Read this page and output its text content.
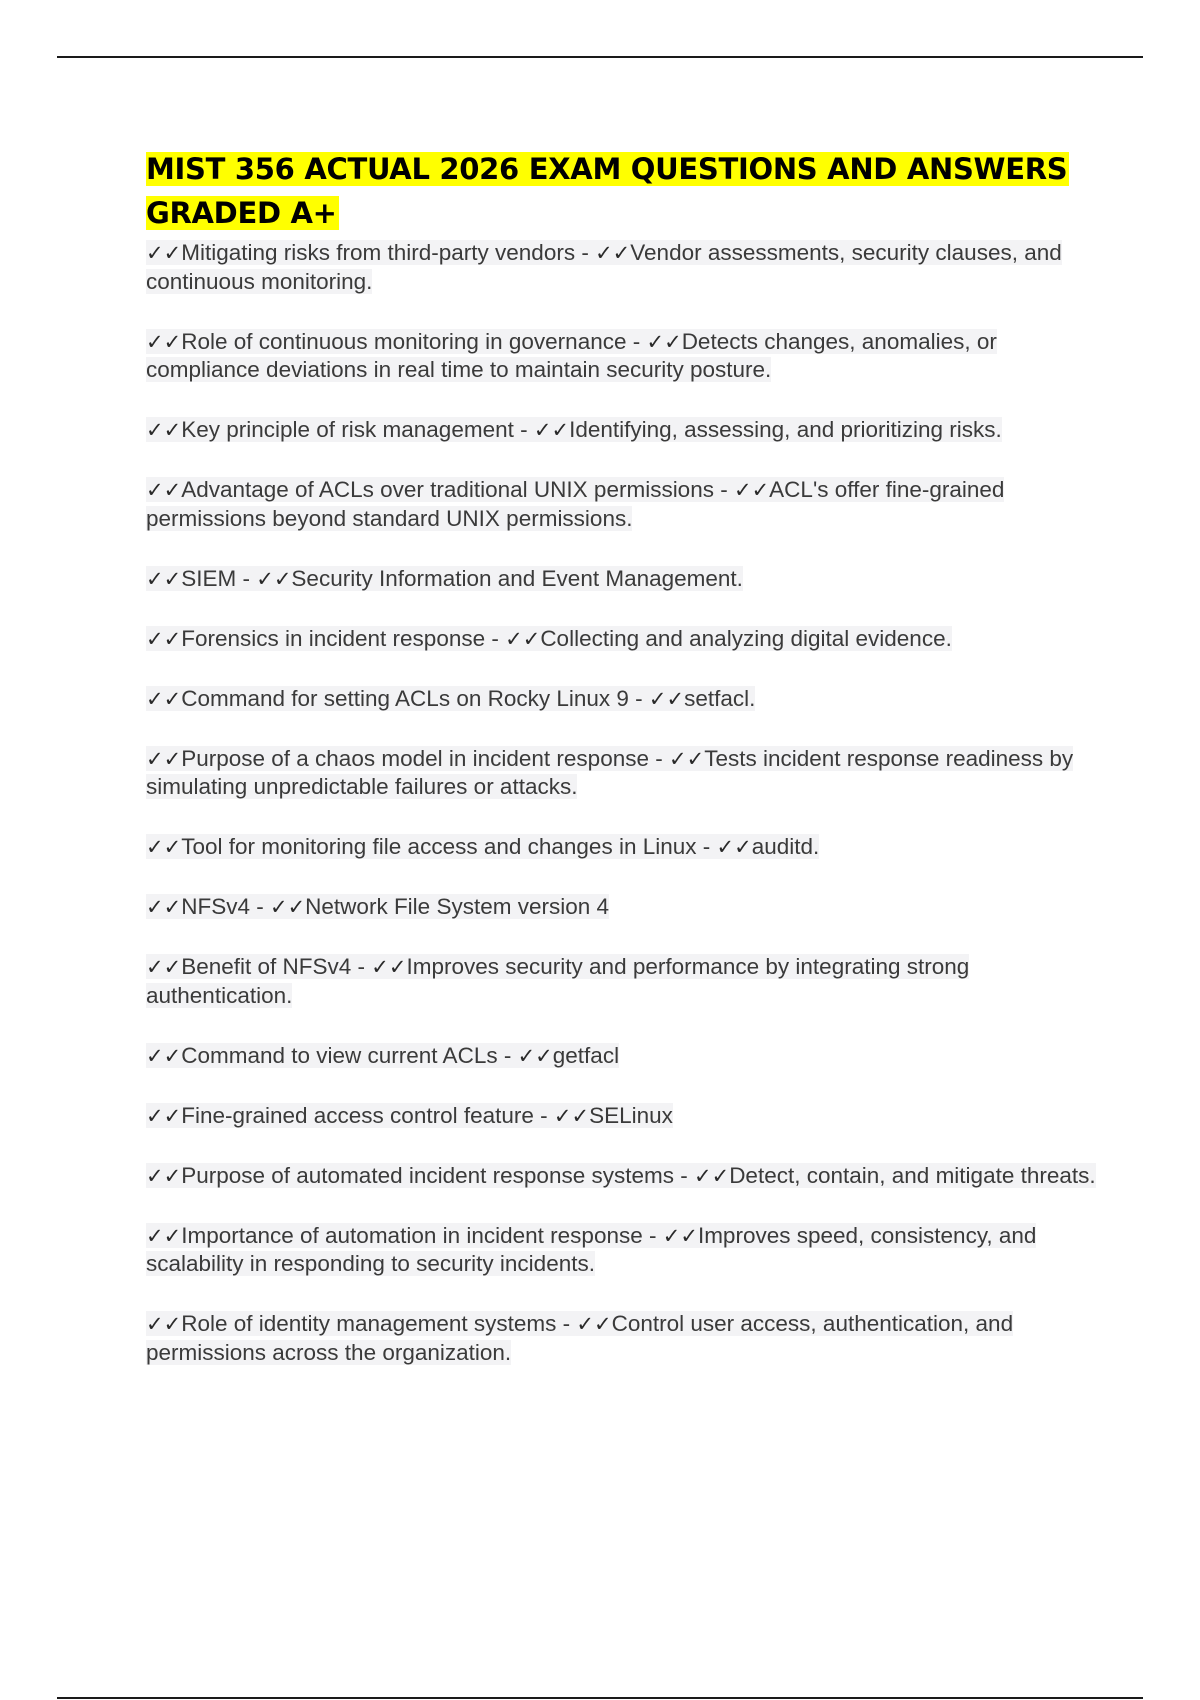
MIST 356 ACTUAL 2026 EXAM QUESTIONS AND ANSWERS GRADED A+
✓✓Mitigating risks from third-party vendors - ✓✓Vendor assessments, security clauses, and continuous monitoring.
✓✓Role of continuous monitoring in governance - ✓✓Detects changes, anomalies, or compliance deviations in real time to maintain security posture.
✓✓Key principle of risk management - ✓✓Identifying, assessing, and prioritizing risks.
✓✓Advantage of ACLs over traditional UNIX permissions - ✓✓ACL's offer fine-grained permissions beyond standard UNIX permissions.
✓✓SIEM - ✓✓Security Information and Event Management.
✓✓Forensics in incident response - ✓✓Collecting and analyzing digital evidence.
✓✓Command for setting ACLs on Rocky Linux 9 - ✓✓setfacl.
✓✓Purpose of a chaos model in incident response - ✓✓Tests incident response readiness by simulating unpredictable failures or attacks.
✓✓Tool for monitoring file access and changes in Linux - ✓✓auditd.
✓✓NFSv4 - ✓✓Network File System version 4
✓✓Benefit of NFSv4 - ✓✓Improves security and performance by integrating strong authentication.
✓✓Command to view current ACLs - ✓✓getfacl
✓✓Fine-grained access control feature - ✓✓SELinux
✓✓Purpose of automated incident response systems - ✓✓Detect, contain, and mitigate threats.
✓✓Importance of automation in incident response - ✓✓Improves speed, consistency, and scalability in responding to security incidents.
✓✓Role of identity management systems - ✓✓Control user access, authentication, and permissions across the organization.
